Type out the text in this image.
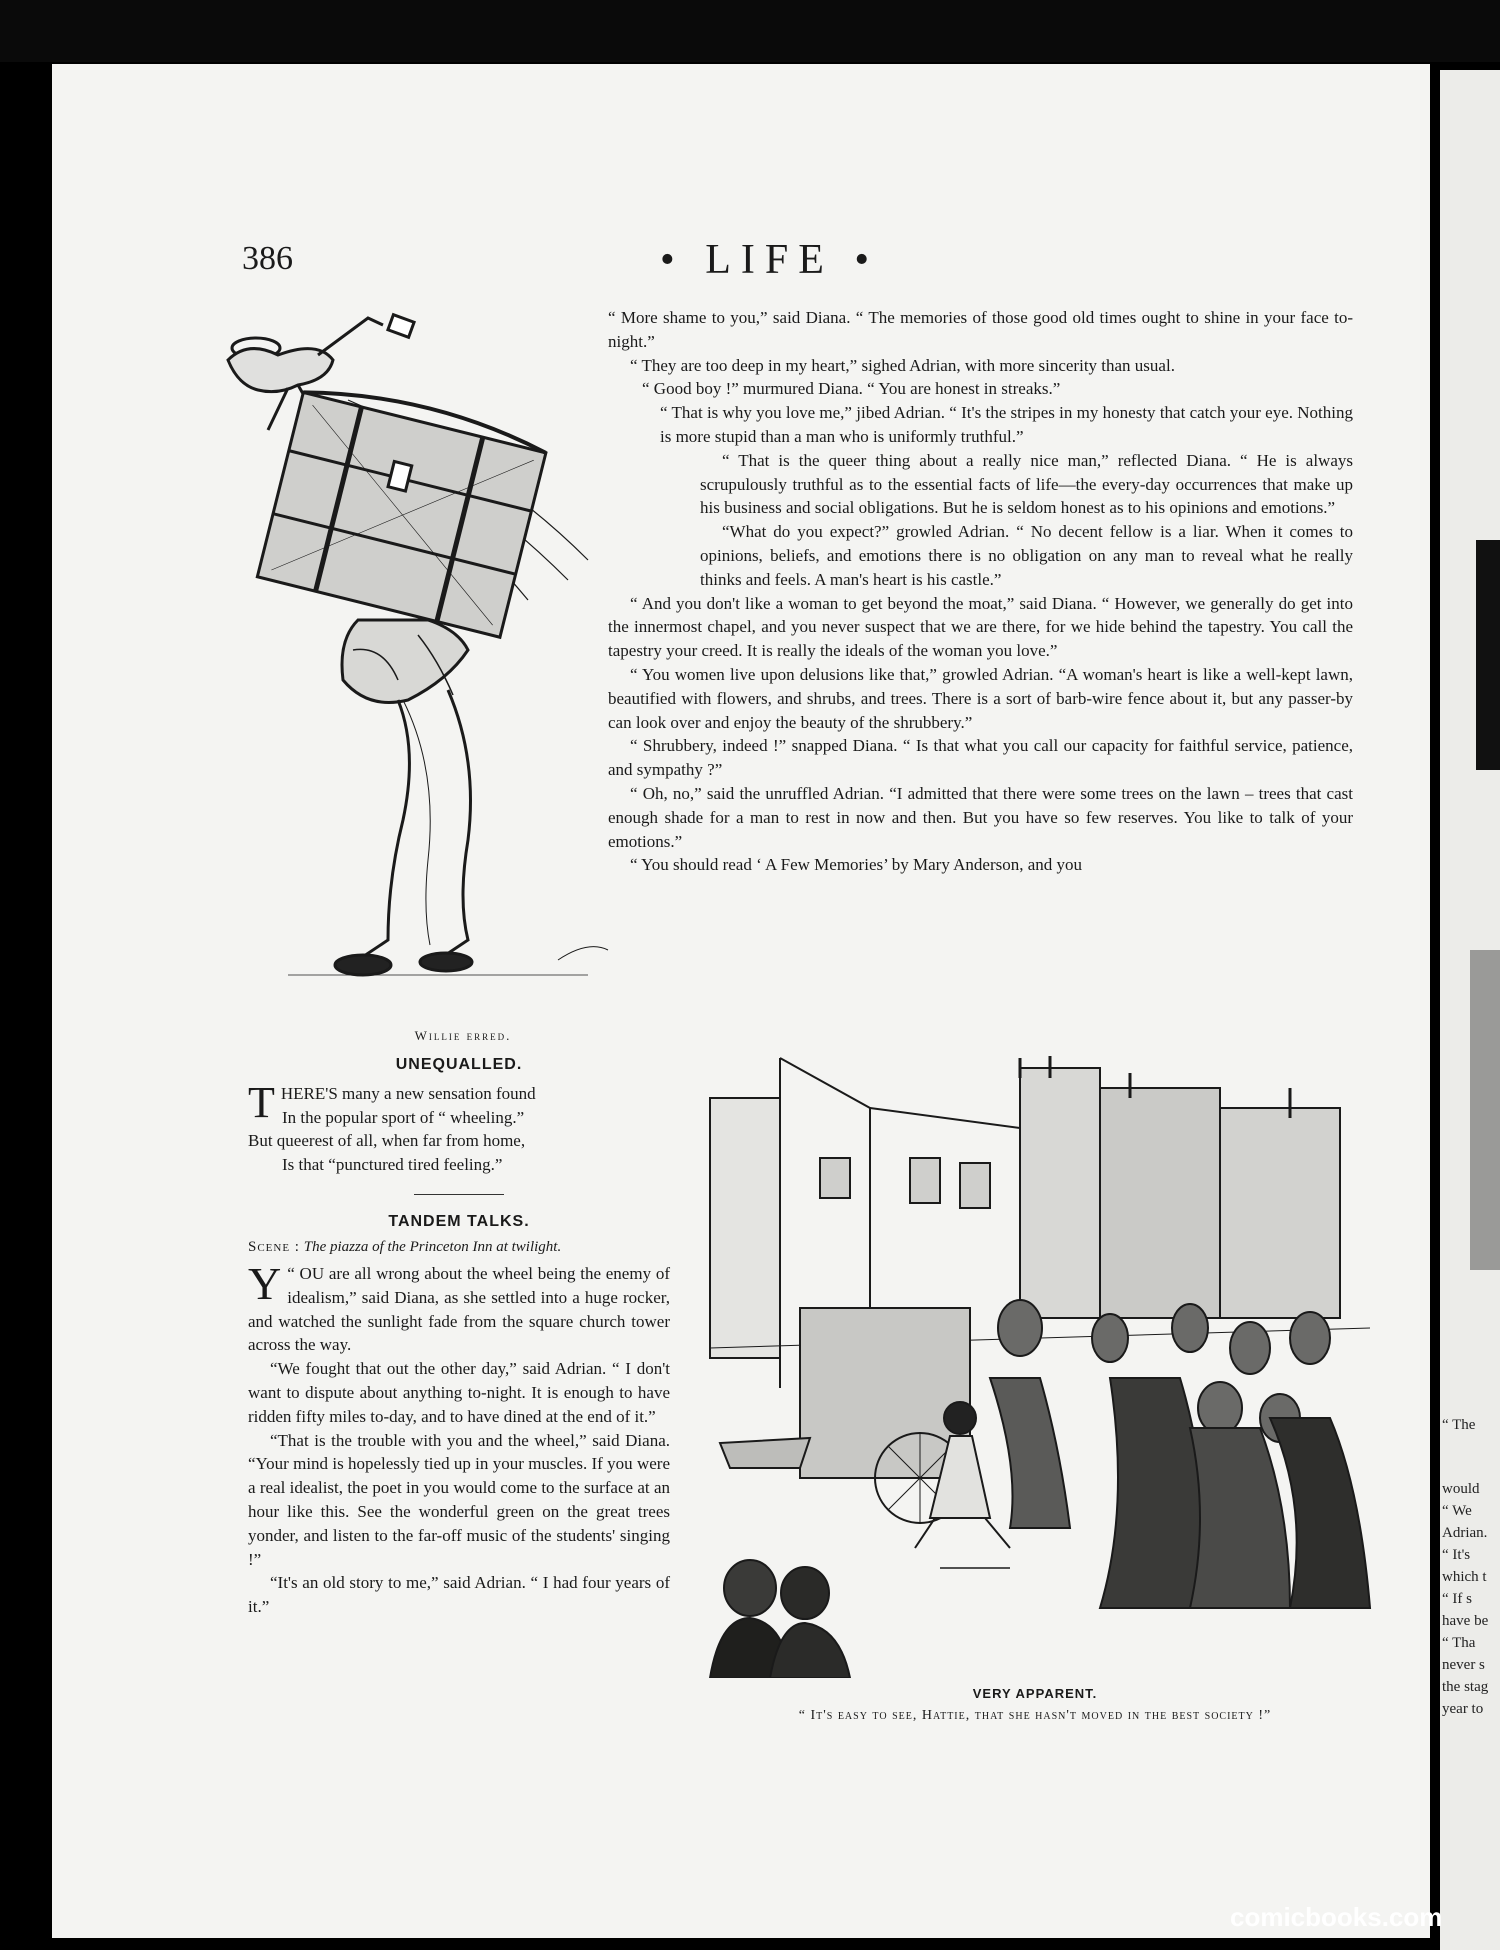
“ The
would
“ We
Adrian.
“ It's
which t
“ If s
have be
“ Tha
never s
the stag
year to
386	• LIFE •
Willie erred.
UNEQUALLED.
T HERE'S many a new sensation found
In the popular sport of “ wheeling.”
But queerest of all, when far from home,
Is that “punctured tired feeling.”
TANDEM TALKS.
Scene : The piazza of the Princeton Inn at twilight.

“
Y OU are all wrong about the wheel being the enemy of idealism,” said Diana, as she settled into a huge rocker, and watched the sunlight fade from the square church tower across the way.

“We fought that out the other day,” said Adrian. “ I don't want to dispute about anything to-night. It is enough to have ridden fifty miles to-day, and to have dined at the end of it.”

“That is the trouble with you and the wheel,” said Diana. “Your mind is hopelessly tied up in your muscles. If you were a real idealist, the poet in you would come to the surface at an hour like this. See the wonderful green on the great trees yonder, and listen to the far-off music of the students' singing !”

“It's an old story to me,” said Adrian. “ I had four years of it.”

“ More shame to you,” said Diana. “ The memories of those good old times ought to shine in your face to-night.”

“ They are too deep in my heart,” sighed Adrian, with more sincerity than usual.

“ Good boy !” murmured Diana. “ You are honest in streaks.”

“ That is why you love me,” jibed Adrian. “ It's the stripes in my honesty that catch your eye. Nothing is more stupid than a man who is uniformly truthful.”

“ That is the queer thing about a really nice man,” reflected Diana. “ He is always scrupulously truthful as to the essential facts of life—the every-day occurrences that make up his business and social obligations. But he is seldom honest as to his opinions and emotions.”

“What do you expect?” growled Adrian. “ No decent fellow is a liar. When it comes to opinions, beliefs, and emotions there is no obligation on any man to reveal what he really thinks and feels. A man's heart is his castle.”

“ And you don't like a woman to get beyond the moat,” said Diana. “ However, we generally do get into the innermost chapel, and you never suspect that we are there, for we hide behind the tapestry. You call the tapestry your creed. It is really the ideals of the woman you love.”

“ You women live upon delusions like that,” growled Adrian. “A woman's heart is like a well-kept lawn, beautified with flowers, and shrubs, and trees. There is a sort of barb-wire fence about it, but any passer-by can look over and enjoy the beauty of the shrubbery.”

“ Shrubbery, indeed !” snapped Diana. “ Is that what you call our capacity for faithful service, patience, and sympathy ?”

“ Oh, no,” said the unruffled Adrian. “I admitted that there were some trees on the lawn – trees that cast enough shade for a man to rest in now and then. But you have so few reserves. You like to talk of your emotions.”

“ You should read ‘ A Few Memories’ by Mary Anderson, and you

VERY APPARENT.
“ It's easy to see, Hattie, that she hasn't moved in the best society !”
comicbooks.com
